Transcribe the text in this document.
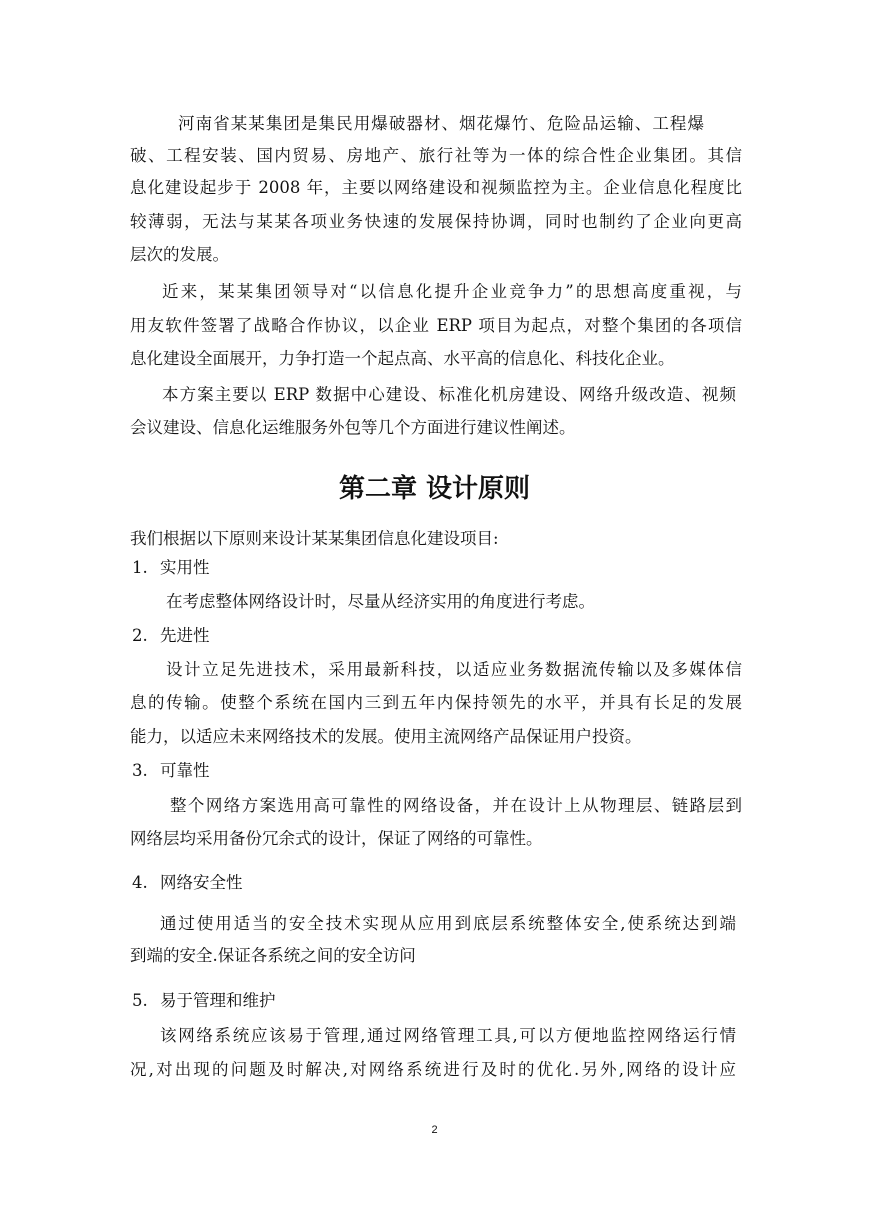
河南省某某集团是集民用爆破器材、烟花爆竹、危险品运输、工程爆
破、工程安装、国内贸易、房地产、旅行社等为一体的综合性企业集团。其信
息化建设起步于 2008 年，主要以网络建设和视频监控为主。企业信息化程度比
较薄弱，无法与某某各项业务快速的发展保持协调，同时也制约了企业向更高
层次的发展。
近来，某某集团领导对“以信息化提升企业竞争力”的思想高度重视，与
用友软件签署了战略合作协议，以企业 ERP 项目为起点，对整个集团的各项信
息化建设全面展开，力争打造一个起点高、水平高的信息化、科技化企业。
本方案主要以 ERP 数据中心建设、标准化机房建设、网络升级改造、视频
会议建设、信息化运维服务外包等几个方面进行建议性阐述。
第二章 设计原则
我们根据以下原则来设计某某集团信息化建设项目:
1. 实用性
在考虑整体网络设计时，尽量从经济实用的角度进行考虑。
2. 先进性
设计立足先进技术，采用最新科技，以适应业务数据流传输以及多媒体信
息的传输。使整个系统在国内三到五年内保持领先的水平，并具有长足的发展
能力，以适应未来网络技术的发展。使用主流网络产品保证用户投资。
3. 可靠性
整个网络方案选用高可靠性的网络设备，并在设计上从物理层、链路层到
网络层均采用备份冗余式的设计，保证了网络的可靠性。
4. 网络安全性
通过使用适当的安全技术实现从应用到底层系统整体安全,使系统达到端
到端的安全.保证各系统之间的安全访问
5. 易于管理和维护
该网络系统应该易于管理,通过网络管理工具,可以方便地监控网络运行情
况,对出现的问题及时解决,对网络系统进行及时的优化.另外,网络的设计应
2
